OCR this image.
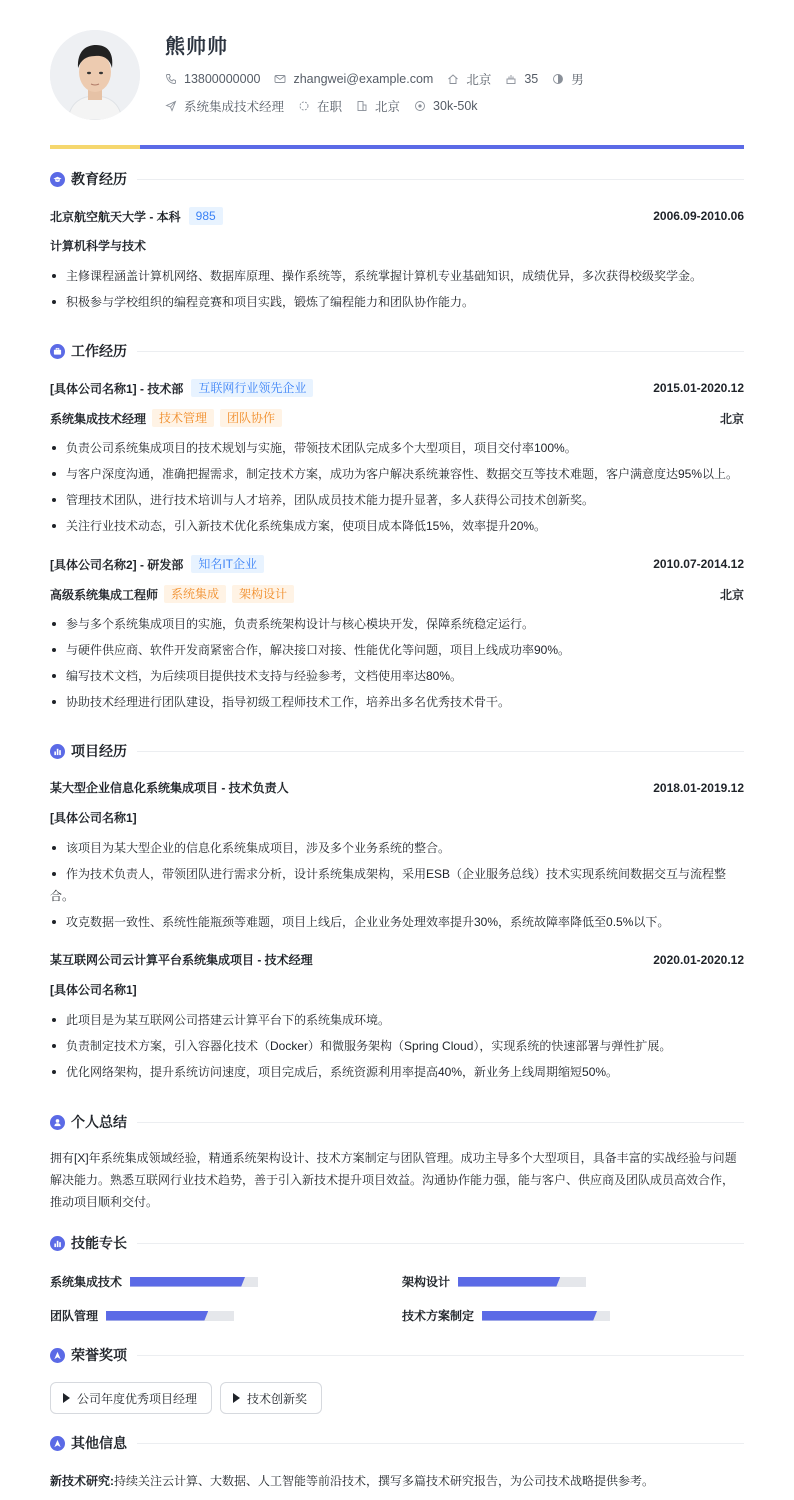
熊帅帅
13800000000	zhangwei@example.com	北京	35	男
系统集成技术经理	在职	北京	30k-50k
教育经历
北京航空航天大学 - 本科	985	2006.09-2010.06
计算机科学与技术
主修课程涵盖计算机网络、数据库原理、操作系统等，系统掌握计算机专业基础知识，成绩优异，多次获得校级奖学金。
积极参与学校组织的编程竞赛和项目实践，锻炼了编程能力和团队协作能力。
工作经历
[具体公司名称1] - 技术部	互联网行业领先企业	2015.01-2020.12
系统集成技术经理	技术管理	团队协作	北京
负责公司系统集成项目的技术规划与实施，带领技术团队完成多个大型项目，项目交付率100%。
与客户深度沟通，准确把握需求，制定技术方案，成功为客户解决系统兼容性、数据交互等技术难题，客户满意度达95%以上。
管理技术团队，进行技术培训与人才培养，团队成员技术能力提升显著，多人获得公司技术创新奖。
关注行业技术动态，引入新技术优化系统集成方案，使项目成本降低15%，效率提升20%。
[具体公司名称2] - 研发部	知名IT企业	2010.07-2014.12
高级系统集成工程师	系统集成	架构设计	北京
参与多个系统集成项目的实施，负责系统架构设计与核心模块开发，保障系统稳定运行。
与硬件供应商、软件开发商紧密合作，解决接口对接、性能优化等问题，项目上线成功率90%。
编写技术文档，为后续项目提供技术支持与经验参考，文档使用率达80%。
协助技术经理进行团队建设，指导初级工程师技术工作，培养出多名优秀技术骨干。
项目经历
某大型企业信息化系统集成项目 - 技术负责人	2018.01-2019.12
[具体公司名称1]
该项目为某大型企业的信息化系统集成项目，涉及多个业务系统的整合。
作为技术负责人，带领团队进行需求分析，设计系统集成架构，采用ESB（企业服务总线）技术实现系统间数据交互与流程整合。
攻克数据一致性、系统性能瓶颈等难题，项目上线后，企业业务处理效率提升30%，系统故障率降低至0.5%以下。
某互联网公司云计算平台系统集成项目 - 技术经理	2020.01-2020.12
[具体公司名称1]
此项目是为某互联网公司搭建云计算平台下的系统集成环境。
负责制定技术方案，引入容器化技术（Docker）和微服务架构（Spring Cloud），实现系统的快速部署与弹性扩展。
优化网络架构，提升系统访问速度，项目完成后，系统资源利用率提高40%，新业务上线周期缩短50%。
个人总结
拥有[X]年系统集成领域经验，精通系统架构设计、技术方案制定与团队管理。成功主导多个大型项目，具备丰富的实战经验与问题解决能力。熟悉互联网行业技术趋势，善于引入新技术提升项目效益。沟通协作能力强，能与客户、供应商及团队成员高效合作，推动项目顺利交付。
技能专长
系统集成技术	架构设计
团队管理	技术方案制定
荣誉奖项
公司年度优秀项目经理	技术创新奖
其他信息
新技术研究:持续关注云计算、大数据、人工智能等前沿技术，撰写多篇技术研究报告，为公司技术战略提供参考。
